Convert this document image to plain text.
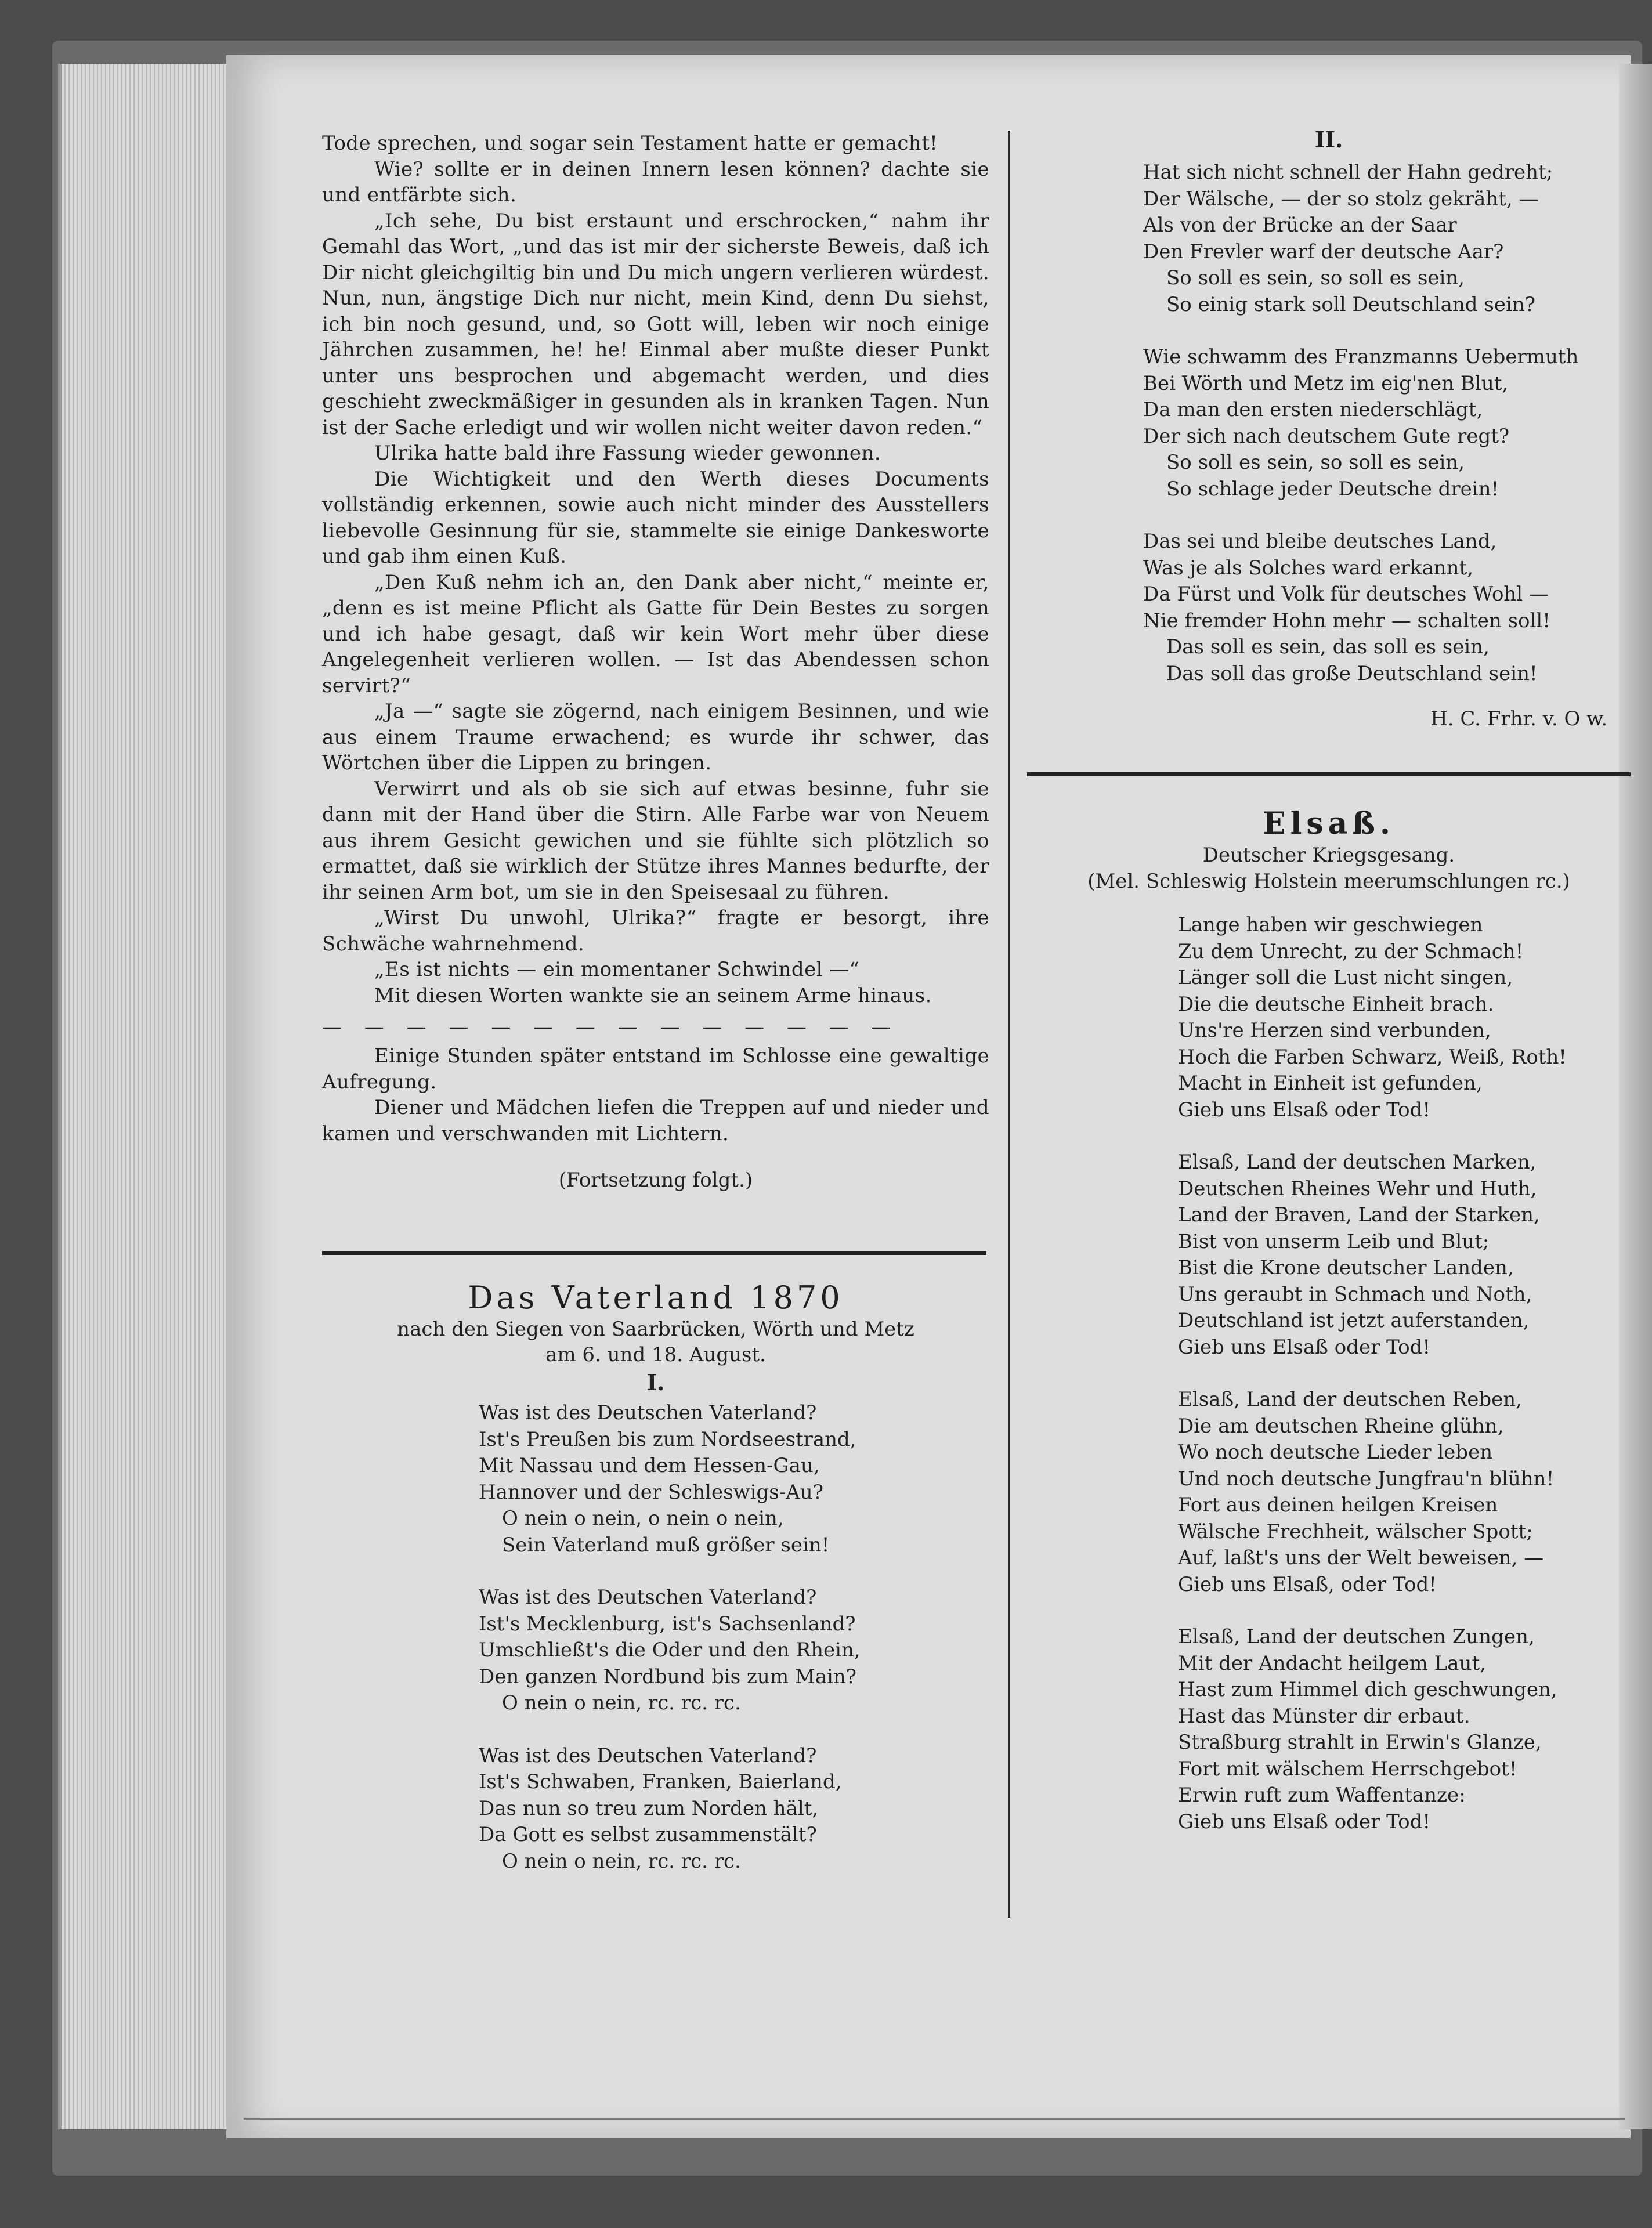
Tode sprechen, und sogar sein Testament hatte er gemacht!

Wie? sollte er in deinen Innern lesen können? dachte sie und entfärbte sich.

„Ich sehe, Du bist erstaunt und erschrocken,“ nahm ihr Gemahl das Wort, „und das ist mir der sicherste Beweis, daß ich Dir nicht gleichgiltig bin und Du mich ungern verlieren würdest. Nun, nun, ängstige Dich nur nicht, mein Kind, denn Du siehst, ich bin noch gesund, und, so Gott will, leben wir noch einige Jährchen zusammen, he! he! Einmal aber mußte dieser Punkt unter uns besprochen und abgemacht werden, und dies geschieht zweckmäßiger in gesunden als in kranken Tagen. Nun ist der Sache erledigt und wir wollen nicht weiter davon reden.“

Ulrika hatte bald ihre Fassung wieder gewonnen.

Die Wichtigkeit und den Werth dieses Documents vollständig erkennen, sowie auch nicht minder des Ausstellers liebevolle Gesinnung für sie, stammelte sie einige Dankesworte und gab ihm einen Kuß.

„Den Kuß nehm ich an, den Dank aber nicht,“ meinte er, „denn es ist meine Pflicht als Gatte für Dein Bestes zu sorgen und ich habe gesagt, daß wir kein Wort mehr über diese Angelegenheit verlieren wollen. — Ist das Abendessen schon servirt?“

„Ja —“ sagte sie zögernd, nach einigem Besinnen, und wie aus einem Traume erwachend; es wurde ihr schwer, das Wörtchen über die Lippen zu bringen.

Verwirrt und als ob sie sich auf etwas besinne, fuhr sie dann mit der Hand über die Stirn. Alle Farbe war von Neuem aus ihrem Gesicht gewichen und sie fühlte sich plötzlich so ermattet, daß sie wirklich der Stütze ihres Mannes bedurfte, der ihr seinen Arm bot, um sie in den Speisesaal zu führen.

„Wirst Du unwohl, Ulrika?“ fragte er besorgt, ihre Schwäche wahrnehmend.

„Es ist nichts — ein momentaner Schwindel —“

Mit diesen Worten wankte sie an seinem Arme hinaus.

— — — — — — — — — — — — — —

Einige Stunden später entstand im Schlosse eine gewaltige Aufregung.

Diener und Mädchen liefen die Treppen auf und nieder und kamen und verschwanden mit Lichtern.

(Fortsetzung folgt.)
Das Vaterland 1870
nach den Siegen von Saarbrücken, Wörth und Metz
am 6. und 18. August.
I.
Was ist des Deutschen Vaterland?
Ist's Preußen bis zum Nordseestrand,
Mit Nassau und dem Hessen-Gau,
Hannover und der Schleswigs-Au?
O nein o nein, o nein o nein,
Sein Vaterland muß größer sein!
Was ist des Deutschen Vaterland?
Ist's Mecklenburg, ist's Sachsenland?
Umschließt's die Oder und den Rhein,
Den ganzen Nordbund bis zum Main?
O nein o nein, rc. rc. rc.
Was ist des Deutschen Vaterland?
Ist's Schwaben, Franken, Baierland,
Das nun so treu zum Norden hält,
Da Gott es selbst zusammenstält?
O nein o nein, rc. rc. rc.
II.
Hat sich nicht schnell der Hahn gedreht;
Der Wälsche, — der so stolz gekräht, —
Als von der Brücke an der Saar
Den Frevler warf der deutsche Aar?
So soll es sein, so soll es sein,
So einig stark soll Deutschland sein?
Wie schwamm des Franzmanns Uebermuth
Bei Wörth und Metz im eig'nen Blut,
Da man den ersten niederschlägt,
Der sich nach deutschem Gute regt?
So soll es sein, so soll es sein,
So schlage jeder Deutsche drein!
Das sei und bleibe deutsches Land,
Was je als Solches ward erkannt,
Da Fürst und Volk für deutsches Wohl —
Nie fremder Hohn mehr — schalten soll!
Das soll es sein, das soll es sein,
Das soll das große Deutschland sein!
H. C. Frhr. v. O w.
Elsaß.
Deutscher Kriegsgesang.
(Mel. Schleswig Holstein meerumschlungen rc.)
Lange haben wir geschwiegen
Zu dem Unrecht, zu der Schmach!
Länger soll die Lust nicht singen,
Die die deutsche Einheit brach.
Uns're Herzen sind verbunden,
Hoch die Farben Schwarz, Weiß, Roth!
Macht in Einheit ist gefunden,
Gieb uns Elsaß oder Tod!
Elsaß, Land der deutschen Marken,
Deutschen Rheines Wehr und Huth,
Land der Braven, Land der Starken,
Bist von unserm Leib und Blut;
Bist die Krone deutscher Landen,
Uns geraubt in Schmach und Noth,
Deutschland ist jetzt auferstanden,
Gieb uns Elsaß oder Tod!
Elsaß, Land der deutschen Reben,
Die am deutschen Rheine glühn,
Wo noch deutsche Lieder leben
Und noch deutsche Jungfrau'n blühn!
Fort aus deinen heilgen Kreisen
Wälsche Frechheit, wälscher Spott;
Auf, laßt's uns der Welt beweisen, —
Gieb uns Elsaß, oder Tod!
Elsaß, Land der deutschen Zungen,
Mit der Andacht heilgem Laut,
Hast zum Himmel dich geschwungen,
Hast das Münster dir erbaut.
Straßburg strahlt in Erwin's Glanze,
Fort mit wälschem Herrschgebot!
Erwin ruft zum Waffentanze:
Gieb uns Elsaß oder Tod!
